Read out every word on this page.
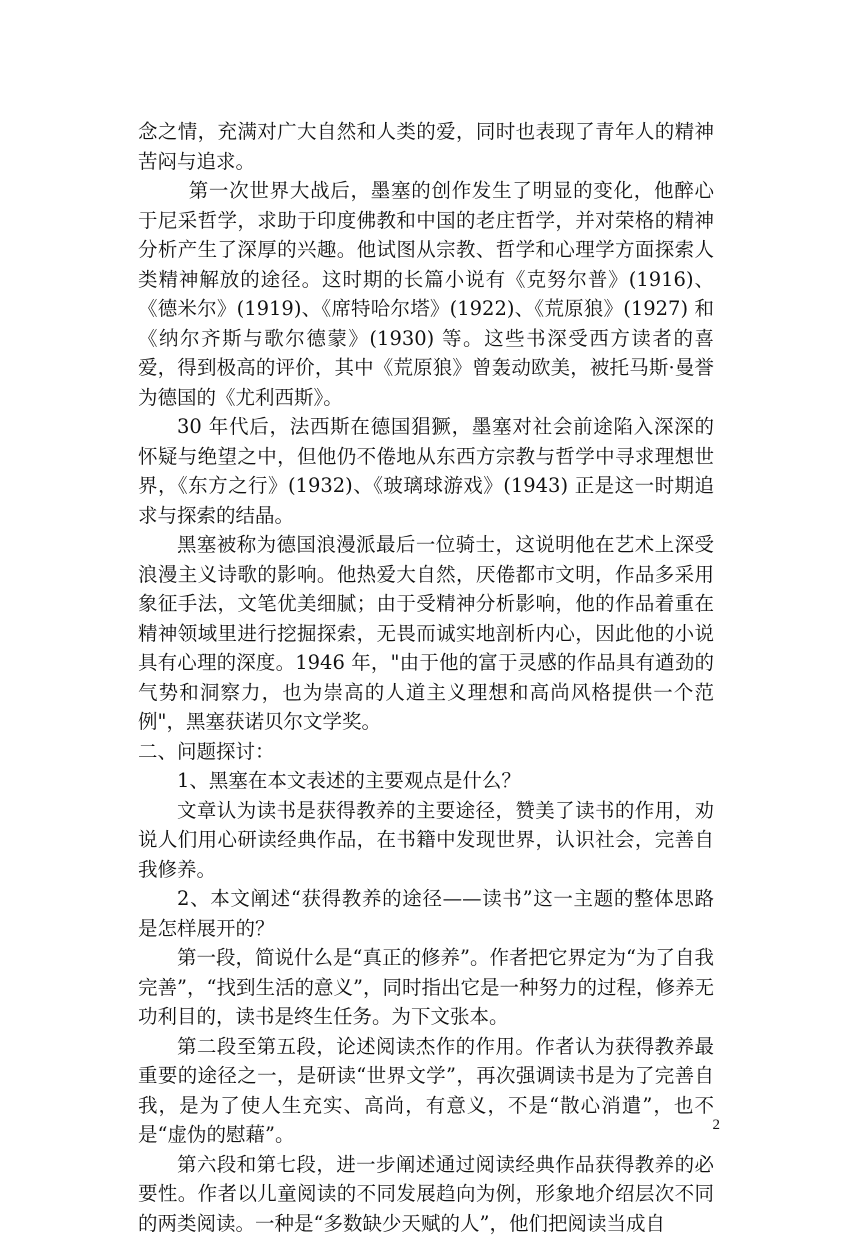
念之情，充满对广大自然和人类的爱，同时也表现了青年人的精神苦闷与追求。

第一次世界大战后，墨塞的创作发生了明显的变化，他醉心于尼采哲学，求助于印度佛教和中国的老庄哲学，并对荣格的精神分析产生了深厚的兴趣。他试图从宗教、哲学和心理学方面探索人类精神解放的途径。这时期的长篇小说有《克努尔普》(1916)、《德米尔》(1919)、《席特哈尔塔》(1922)、《荒原狼》(1927) 和《纳尔齐斯与歌尔德蒙》(1930) 等。这些书深受西方读者的喜爱，得到极高的评价，其中《荒原狼》曾轰动欧美，被托马斯·曼誉为德国的《尤利西斯》。

30 年代后，法西斯在德国猖獗，墨塞对社会前途陷入深深的怀疑与绝望之中，但他仍不倦地从东西方宗教与哲学中寻求理想世界，《东方之行》(1932)、《玻璃球游戏》(1943) 正是这一时期追求与探索的结晶。

黑塞被称为德国浪漫派最后一位骑士，这说明他在艺术上深受浪漫主义诗歌的影响。他热爱大自然，厌倦都市文明，作品多采用象征手法，文笔优美细腻；由于受精神分析影响，他的作品着重在精神领域里进行挖掘探索，无畏而诚实地剖析内心，因此他的小说具有心理的深度。1946 年，"由于他的富于灵感的作品具有遒劲的气势和洞察力，也为崇高的人道主义理想和高尚风格提供一个范例"，黑塞获诺贝尔文学奖。

二、问题探讨：

1、黑塞在本文表述的主要观点是什么？

文章认为读书是获得教养的主要途径，赞美了读书的作用，劝说人们用心研读经典作品，在书籍中发现世界，认识社会，完善自我修养。

2、本文阐述“获得教养的途径——读书”这一主题的整体思路是怎样展开的？

第一段，简说什么是“真正的修养”。作者把它界定为“为了自我完善”，“找到生活的意义”，同时指出它是一种努力的过程，修养无功利目的，读书是终生任务。为下文张本。

第二段至第五段，论述阅读杰作的作用。作者认为获得教养最重要的途径之一，是研读“世界文学”，再次强调读书是为了完善自我，是为了使人生充实、高尚，有意义，不是“散心消遣”，也不是“虚伪的慰藉”。

第六段和第七段，进一步阐述通过阅读经典作品获得教养的必要性。作者以儿童阅读的不同发展趋向为例，形象地介绍层次不同的两类阅读。一种是“多数缺少天赋的人”，他们把阅读当成自

2
